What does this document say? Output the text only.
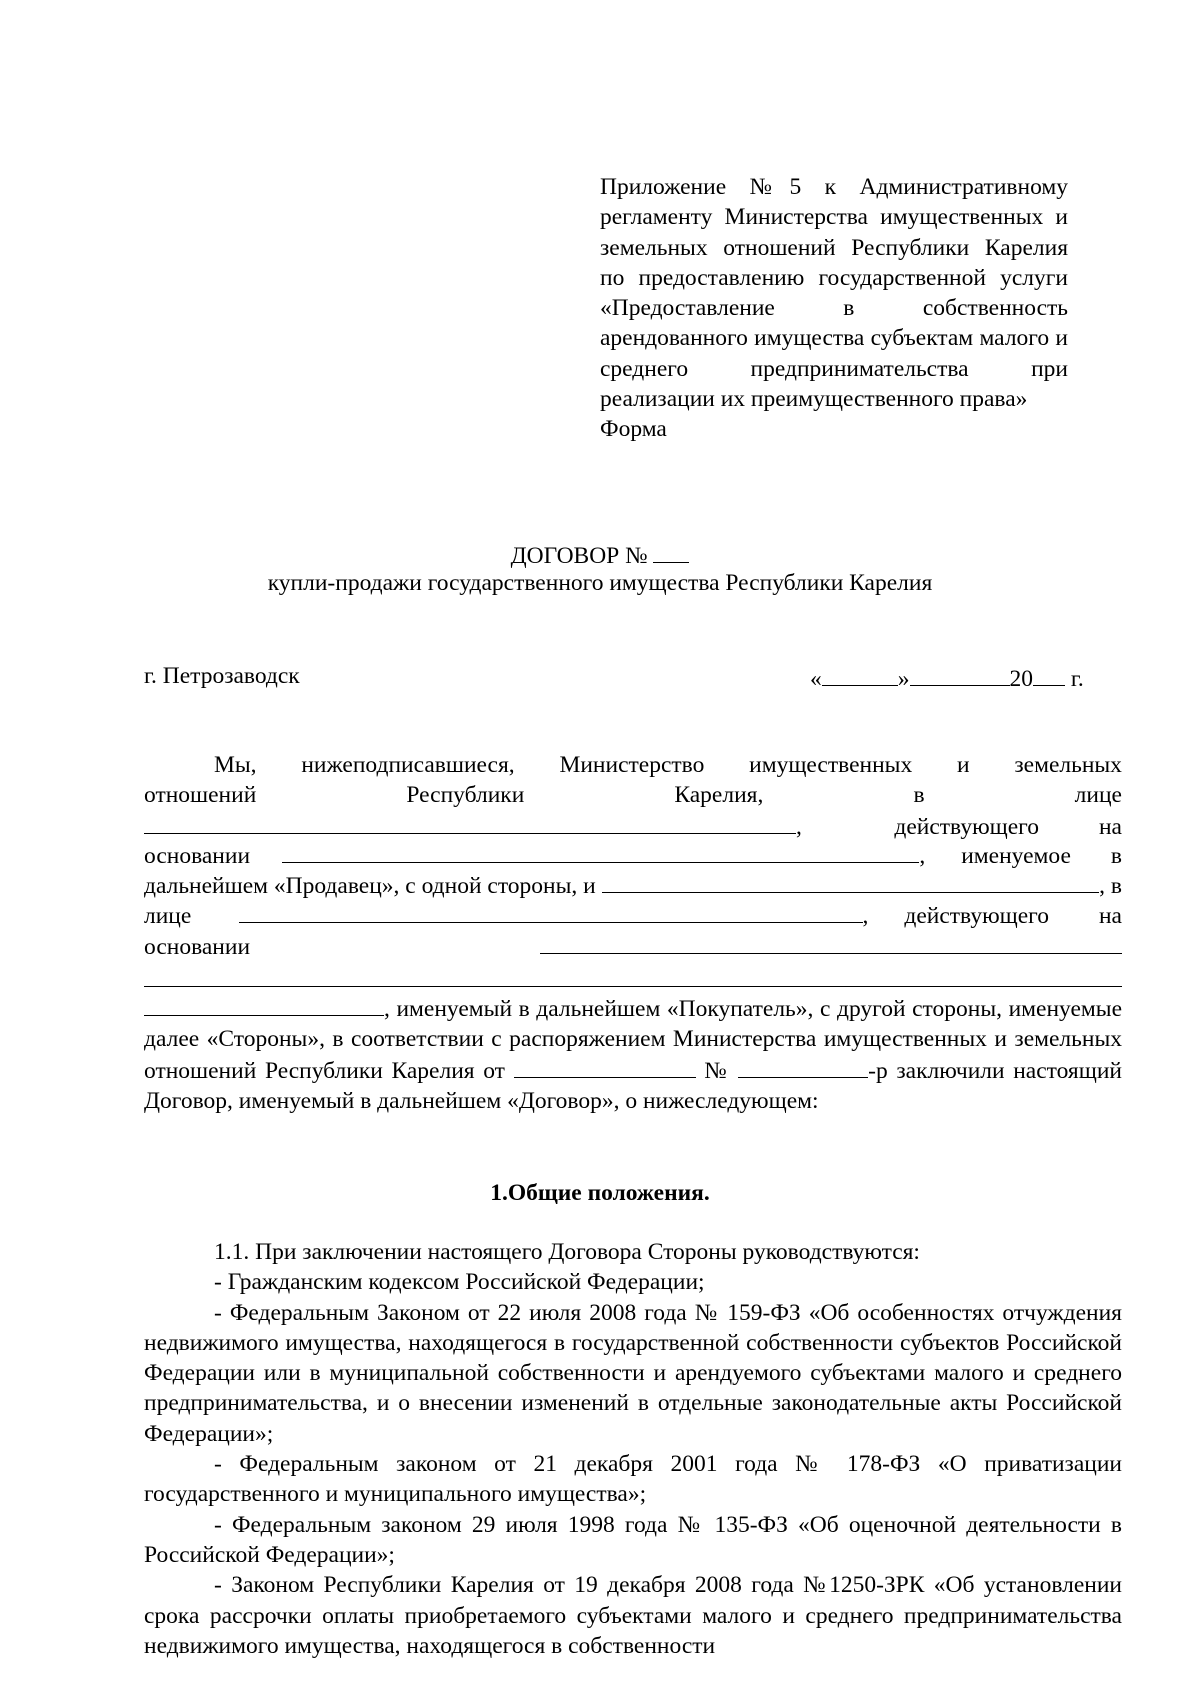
Приложение №5 к Административному регламенту Министерства имущественных и земельных отношений Республики Карелия по предоставлению государственной услуги «Предоставление в собственность арендованного имущества субъектам малого и среднего предпринимательства при реализации их преимущественного права»
Форма
ДОГОВОР №
купли-продажи государственного имущества Республики Карелия
г. Петрозаводск	«	»	20 г.
Мы, нижеподписавшиеся, Министерство имущественных и земельных
отношений	Республики	Карелия,	в	лице
,	действующего	на
основании	, именуемое в
дальнейшем «Продавец», с одной стороны, и	, в
лице	, действующего на
основании

, именуемый в дальнейшем «Покупатель», с другой стороны, именуемые далее «Стороны», в соответствии с распоряжением Министерства имущественных и земельных отношений Республики Карелия от	№	-р заключили настоящий Договор, именуемый в дальнейшем «Договор», о нижеследующем:

1.Общие положения.

1.1. При заключении настоящего Договора Стороны руководствуются:

- Гражданским кодексом Российской Федерации;

- Федеральным Законом от 22 июля 2008 года № 159-ФЗ «Об особенностях отчуждения недвижимого имущества, находящегося в государственной собственности субъектов Российской Федерации или в муниципальной собственности и арендуемого субъектами малого и среднего предпринимательства, и о внесении изменений в отдельные законодательные акты Российской Федерации»;

- Федеральным законом от 21 декабря 2001 года № 178-ФЗ «О приватизации государственного и муниципального имущества»;

- Федеральным законом 29 июля 1998 года № 135-ФЗ «Об оценочной деятельности в Российской Федерации»;

- Законом Республики Карелия от 19 декабря 2008 года №1250-ЗРК «Об установлении срока рассрочки оплаты приобретаемого субъектами малого и среднего предпринимательства недвижимого имущества, находящегося в собственности
